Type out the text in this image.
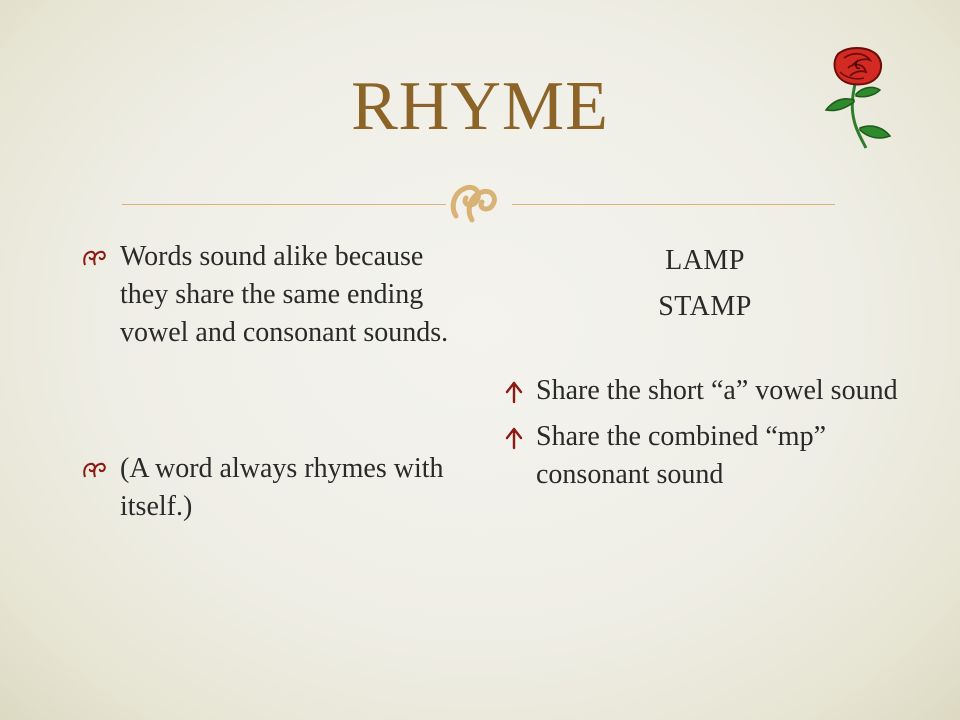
RHYME
Words sound alike because they share the same ending vowel and consonant sounds.
(A word always rhymes with itself.)
LAMP
STAMP
Share the short “a” vowel sound
Share the combined “mp” consonant sound
